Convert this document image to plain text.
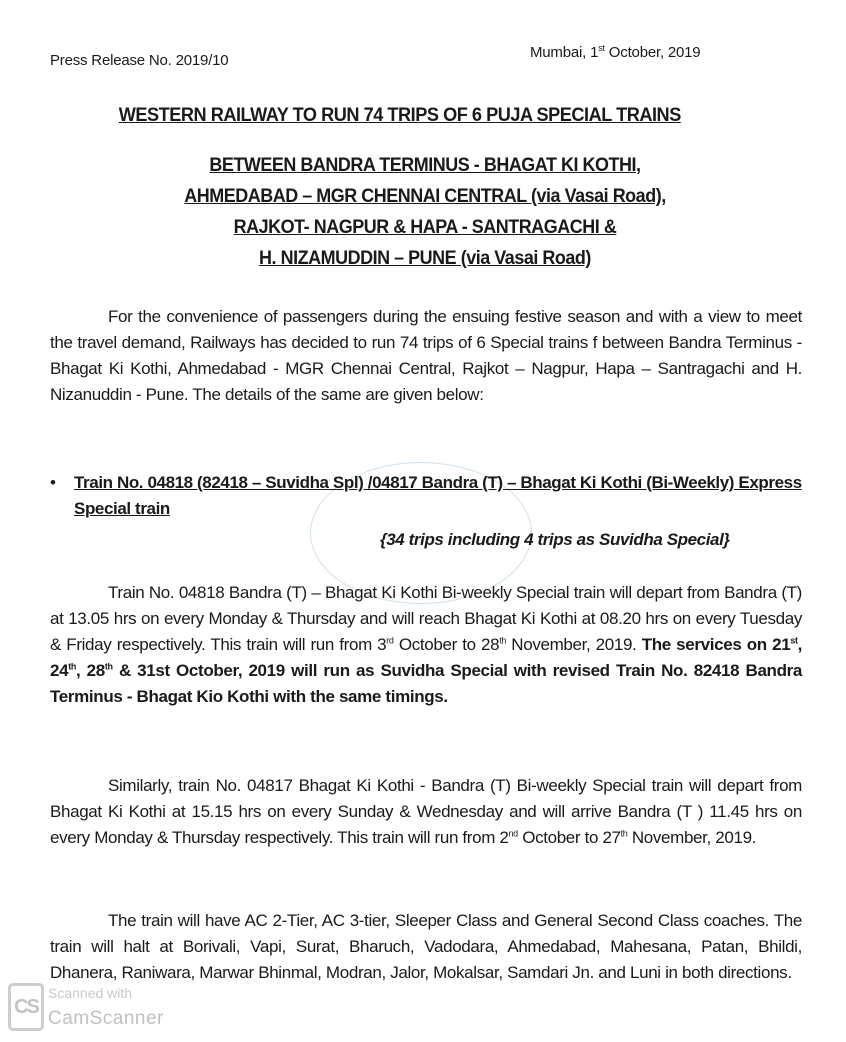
Press Release No. 2019/10	Mumbai, 1st October, 2019
WESTERN RAILWAY TO RUN 74 TRIPS OF 6 PUJA SPECIAL TRAINS
BETWEEN BANDRA TERMINUS - BHAGAT KI KOTHI,
AHMEDABAD – MGR CHENNAI CENTRAL (via Vasai Road),
RAJKOT- NAGPUR & HAPA - SANTRAGACHI &
H. NIZAMUDDIN – PUNE (via Vasai Road)
For the convenience of passengers during the ensuing festive season and with a view to meet the travel demand, Railways has decided to run 74 trips of 6 Special trains f between Bandra Terminus - Bhagat Ki Kothi, Ahmedabad - MGR Chennai Central, Rajkot – Nagpur, Hapa – Santragachi and H. Nizanuddin - Pune. The details of the same are given below:
• Train No. 04818 (82418 – Suvidha Spl) /04817 Bandra (T) – Bhagat Ki Kothi (Bi-Weekly) Express Special train
{34 trips including 4 trips as Suvidha Special}
Train No. 04818 Bandra (T) – Bhagat Ki Kothi Bi-weekly Special train will depart from Bandra (T) at 13.05 hrs on every Monday & Thursday and will reach Bhagat Ki Kothi at 08.20 hrs on every Tuesday & Friday respectively. This train will run from 3rd October to 28th November, 2019. The services on 21st, 24th, 28th & 31st October, 2019 will run as Suvidha Special with revised Train No. 82418 Bandra Terminus - Bhagat Kio Kothi with the same timings.
Similarly, train No. 04817 Bhagat Ki Kothi - Bandra (T) Bi-weekly Special train will depart from Bhagat Ki Kothi at 15.15 hrs on every Sunday & Wednesday and will arrive Bandra (T ) 11.45 hrs on every Monday & Thursday respectively. This train will run from 2nd October to 27th November, 2019.
The train will have AC 2-Tier, AC 3-tier, Sleeper Class and General Second Class coaches. The train will halt at Borivali, Vapi, Surat, Bharuch, Vadodara, Ahmedabad, Mahesana, Patan, Bhildi, Dhanera, Raniwara, Marwar Bhinmal, Modran, Jalor, Mokalsar, Samdari Jn. and Luni in both directions.
CS
Scanned with
CamScanner
